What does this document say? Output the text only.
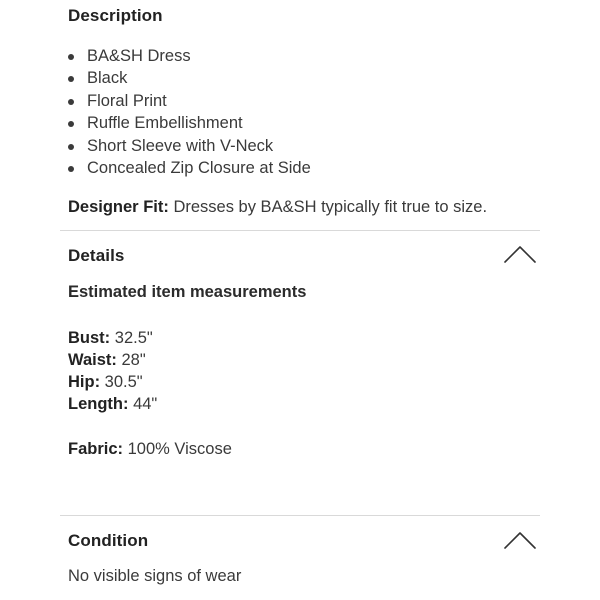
Description
BA&SH Dress
Black
Floral Print
Ruffle Embellishment
Short Sleeve with V-Neck
Concealed Zip Closure at Side
Designer Fit: Dresses by BA&SH typically fit true to size.
Details
Estimated item measurements
Bust: 32.5"
Waist: 28"
Hip: 30.5"
Length: 44"
Fabric: 100% Viscose
Condition
No visible signs of wear
